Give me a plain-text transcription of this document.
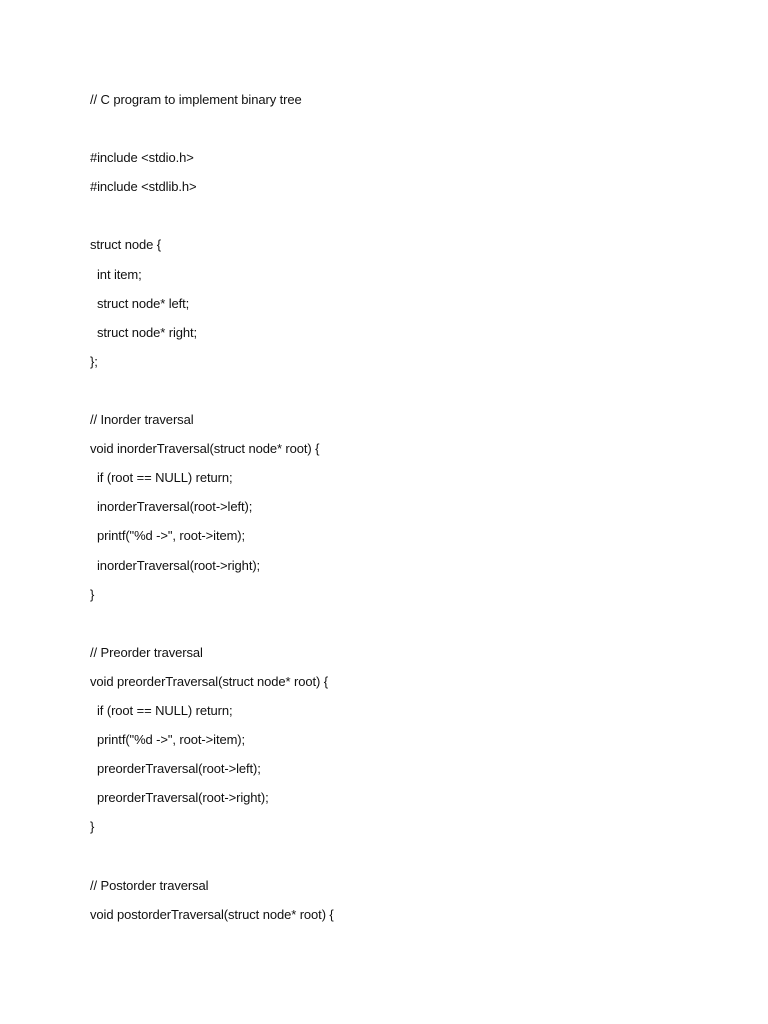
// C program to implement binary tree
#include <stdio.h>
#include <stdlib.h>
struct node {
int item;
struct node* left;
struct node* right;
};
// Inorder traversal
void inorderTraversal(struct node* root) {
if (root == NULL) return;
inorderTraversal(root->left);
printf("%d ->", root->item);
inorderTraversal(root->right);
}
// Preorder traversal
void preorderTraversal(struct node* root) {
if (root == NULL) return;
printf("%d ->", root->item);
preorderTraversal(root->left);
preorderTraversal(root->right);
}
// Postorder traversal
void postorderTraversal(struct node* root) {
